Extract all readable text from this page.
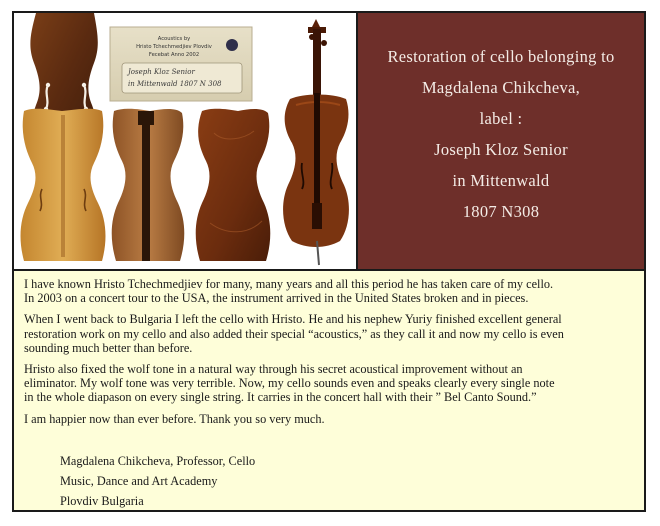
Acoustics by
Hristo Tchechmedjiev Plovdiv
Fecebat Anno 2002
Joseph Kloz Senior
in Mittenwald 1807 N 308
Restoration of cello belonging to
Magdalena Chikcheva,
label :
Joseph Kloz Senior
in Mittenwald
1807 N308

I have known Hristo Tchechmedjiev for many, many years and all this period he has taken care of my cello.
In 2003 on a concert tour to the USA, the instrument arrived in the United States broken and in pieces.

When I went back to Bulgaria I left the cello with Hristo. He and his nephew Yuriy finished excellent general
restoration work on my cello and also added their special “acoustics,” as they call it and now my cello is even
sounding much better than before.

Hristo also fixed the wolf tone in a natural way through his secret acoustical improvement without an
eliminator. My wolf tone was very terrible. Now, my cello sounds even and speaks clearly every single note
in the whole diapason on every single string. It carries in the concert hall with their ” Bel Canto Sound.”

I am happier now than ever before. Thank you so very much.

Magdalena Chikcheva, Professor, Cello
Music, Dance and Art Academy
Plovdiv Bulgaria
